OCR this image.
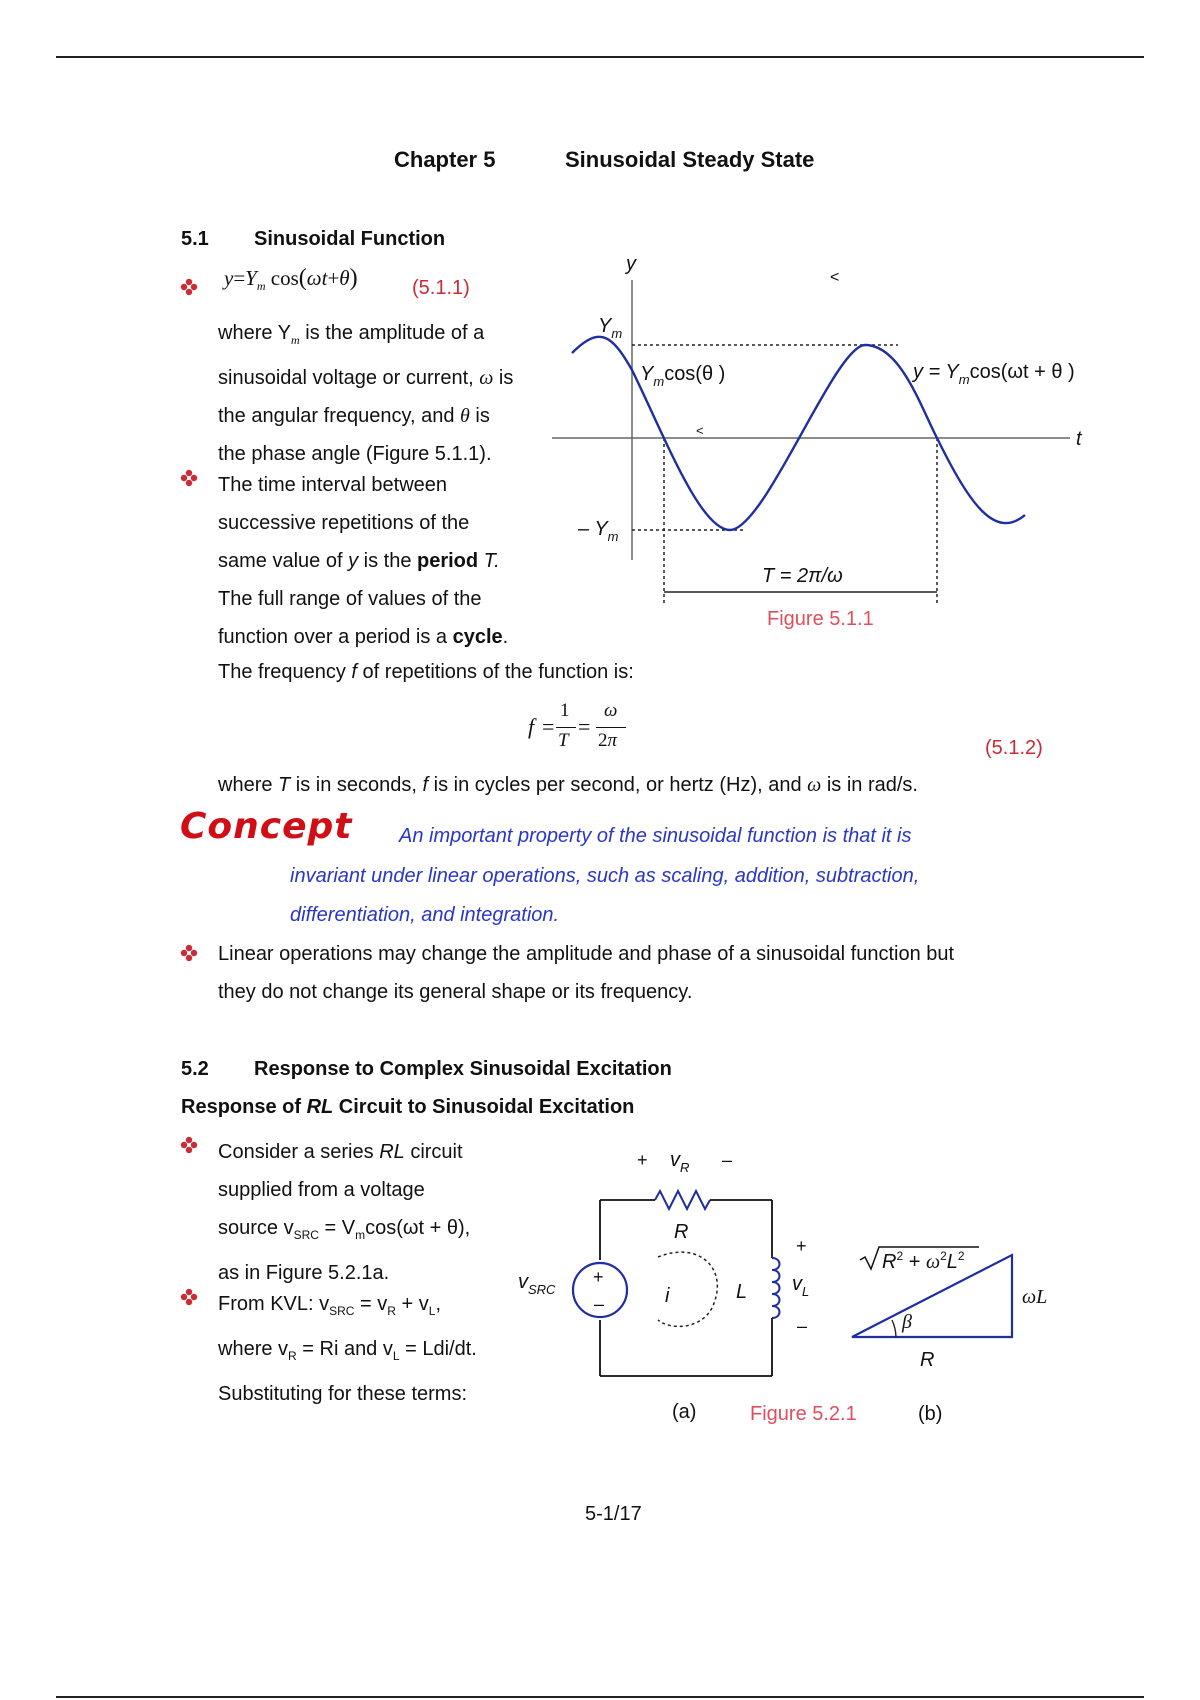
Chapter 5	Sinusoidal Steady State
5.1 Sinusoidal Function
$y=Y_m$ cos(ωt+θ)	(5.1.1)
where $Y_m$ is the amplitude of a
sinusoidal voltage or current, ω is
the angular frequency, and θ is
the phase angle (Figure 5.1.1).
The time interval between
successive repetitions of the
same value of y is the period T.
The full range of values of the
function over a period is a cycle.
y
t
<
<
$Y_m$
– $Y_m$
$Y_m\cos(\theta$ )	$y = Y_m\cos(\omega t + \theta$ )
T = 2π/ω
Figure 5.1.1
The frequency f of repetitions of the function is:
f =
1
T
=
ω
2π	(5.1.2)
where T is in seconds, f is in cycles per second, or hertz (Hz), and ω is in rad/s.
Concept An important property of the sinusoidal function is that it is
invariant under linear operations, such as scaling, addition, subtraction,
differentiation, and integration.
Linear operations may change the amplitude and phase of a sinusoidal function but
they do not change its general shape or its frequency.
5.2 Response to Complex Sinusoidal Excitation
Response of RL Circuit to Sinusoidal Excitation
Consider a series RL circuit
supplied from a voltage
source $v_{SRC} = V_m\cos(\omega t + \theta)$,
as in Figure 5.2.1a.
From KVL: $v_{SRC} = v_R + v_L$,
where $v_R = Ri$ and $v_L = Ldi/dt$.
Substituting for these terms:
+
–	i
+ $v_R$ –
R
L
+
$v_L$
–
$v_{SRC}$
β
R
ωL
$R^2 + \omega^2L^2$
(a)	Figure 5.2.1	(b)
5-1/17
